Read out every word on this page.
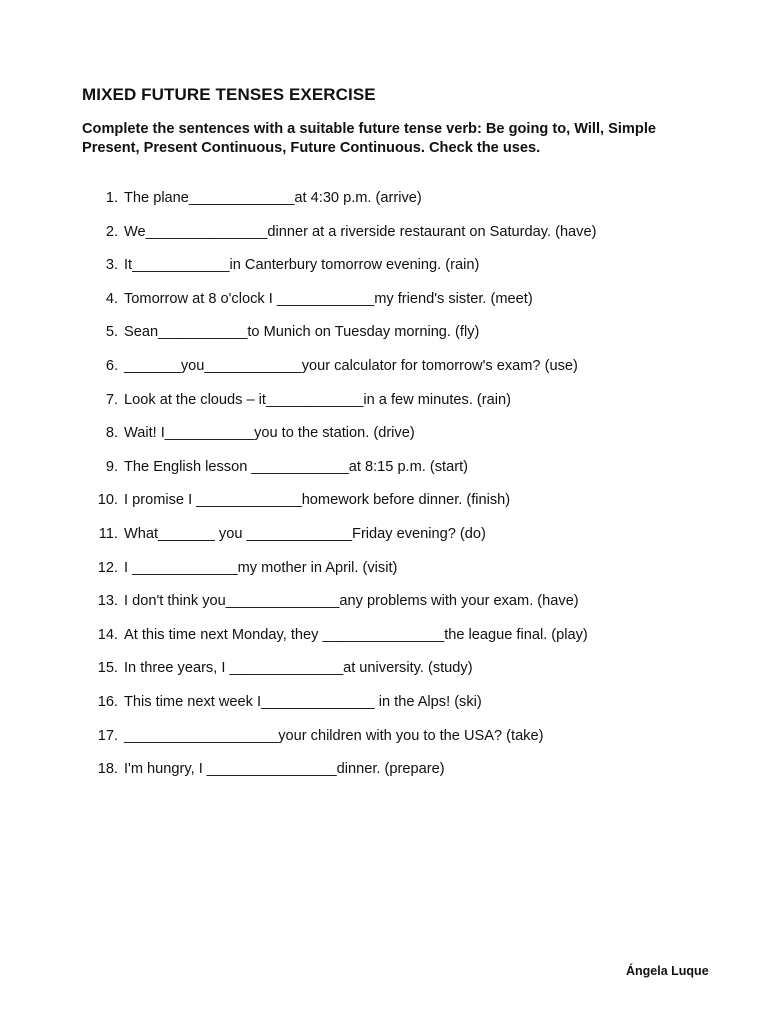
MIXED FUTURE TENSES EXERCISE
Complete the sentences with a suitable future tense verb: Be going to, Will, Simple Present, Present Continuous, Future Continuous. Check the uses.
1. The plane_____________at 4:30 p.m. (arrive)
2. We_______________dinner at a riverside restaurant on Saturday. (have)
3. It____________in Canterbury tomorrow evening. (rain)
4. Tomorrow at 8 o'clock I ____________my friend's sister. (meet)
5. Sean___________to Munich on Tuesday morning. (fly)
6. _______you____________your calculator for tomorrow's exam? (use)
7. Look at the clouds – it____________in a few minutes. (rain)
8. Wait! I___________you to the station. (drive)
9. The English lesson ____________at 8:15 p.m. (start)
10. I promise I _____________homework before dinner. (finish)
11. What_______ you _____________Friday evening? (do)
12. I _____________my mother in April. (visit)
13. I don't think you______________any problems with your exam. (have)
14. At this time next Monday, they _______________the league final. (play)
15. In three years, I ______________at university. (study)
16. This time next week I______________ in the Alps! (ski)
17. ___________________your children with you to the USA? (take)
18. I'm hungry, I ________________dinner. (prepare)
Ángela Luque
